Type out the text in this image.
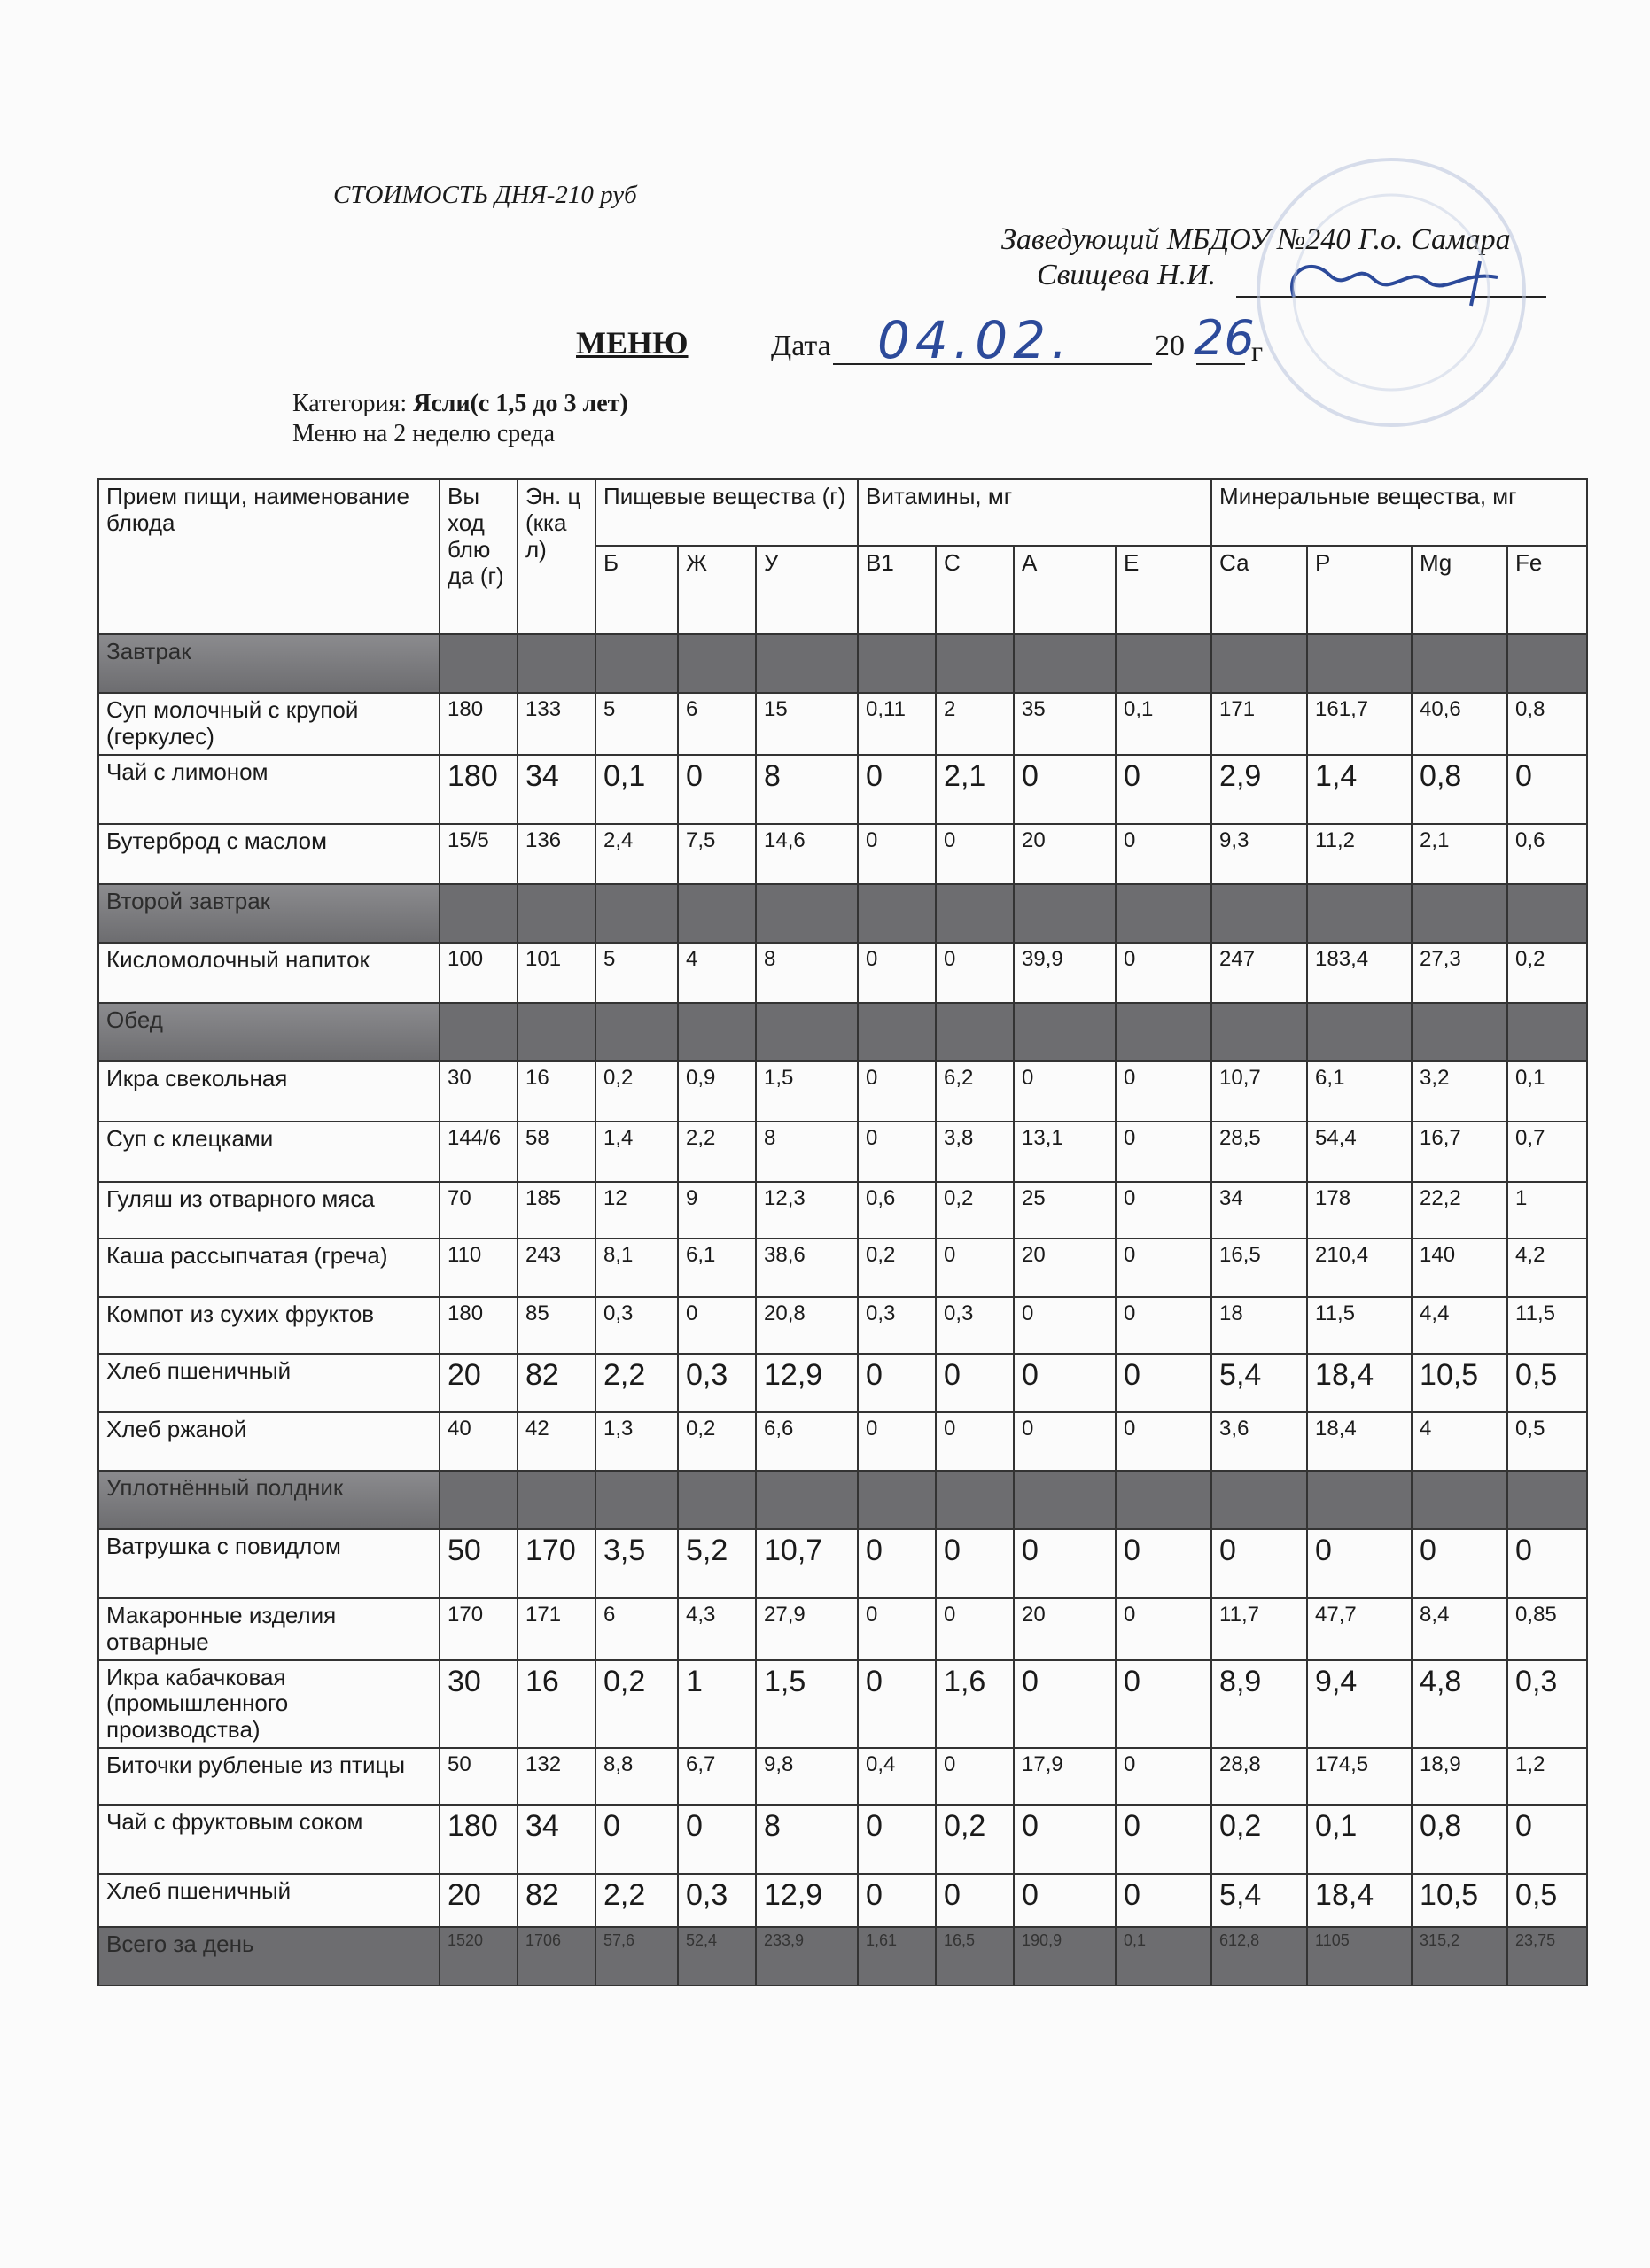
СТОИМОСТЬ ДНЯ-210 руб
Заведующий МБДОУ №240 Г.о. Самара
Свищева Н.И.
МЕНЮ	Дата 04.02.	20 26
г
Категория: Ясли(с 1,5 до 3 лет)
Меню на 2 неделю среда
Прием пищи, наименование блюда	Вы ход блю да (г)	Эн. ц (кка л)	Пищевые вещества (г)			Витамины, мг				Минеральные вещества, мг			
			Б	Ж	У	В1	С	А	Е	Са	Р	Mg	Fe
Завтрак													
Суп молочный с крупой (геркулес)	180	133	5	6	15	0,11	2	35	0,1	171	161,7	40,6	0,8
Чай с лимоном	180	34	0,1	0	8	0	2,1	0	0	2,9	1,4	0,8	0
Бутерброд с маслом	15/5	136	2,4	7,5	14,6	0	0	20	0	9,3	11,2	2,1	0,6
Второй завтрак													
Кисломолочный напиток	100	101	5	4	8	0	0	39,9	0	247	183,4	27,3	0,2
Обед													
Икра свекольная	30	16	0,2	0,9	1,5	0	6,2	0	0	10,7	6,1	3,2	0,1
Суп с клецками	144/6	58	1,4	2,2	8	0	3,8	13,1	0	28,5	54,4	16,7	0,7
Гуляш из отварного мяса	70	185	12	9	12,3	0,6	0,2	25	0	34	178	22,2	1
Каша рассыпчатая (греча)	110	243	8,1	6,1	38,6	0,2	0	20	0	16,5	210,4	140	4,2
Компот из сухих фруктов	180	85	0,3	0	20,8	0,3	0,3	0	0	18	11,5	4,4	11,5
Хлеб пшеничный	20	82	2,2	0,3	12,9	0	0	0	0	5,4	18,4	10,5	0,5
Хлеб ржаной	40	42	1,3	0,2	6,6	0	0	0	0	3,6	18,4	4	0,5
Уплотнённый полдник													
Ватрушка с повидлом	50	170	3,5	5,2	10,7	0	0	0	0	0	0	0	0
Макаронные изделия отварные	170	171	6	4,3	27,9	0	0	20	0	11,7	47,7	8,4	0,85
Икра кабачковая (промышленного производства)	30	16	0,2	1	1,5	0	1,6	0	0	8,9	9,4	4,8	0,3
Биточки рубленые из птицы	50	132	8,8	6,7	9,8	0,4	0	17,9	0	28,8	174,5	18,9	1,2
Чай с фруктовым соком	180	34	0	0	8	0	0,2	0	0	0,2	0,1	0,8	0
Хлеб пшеничный	20	82	2,2	0,3	12,9	0	0	0	0	5,4	18,4	10,5	0,5
Всего за день	1520	1706	57,6	52,4	233,9	1,61	16,5	190,9	0,1	612,8	1105	315,2	23,75
